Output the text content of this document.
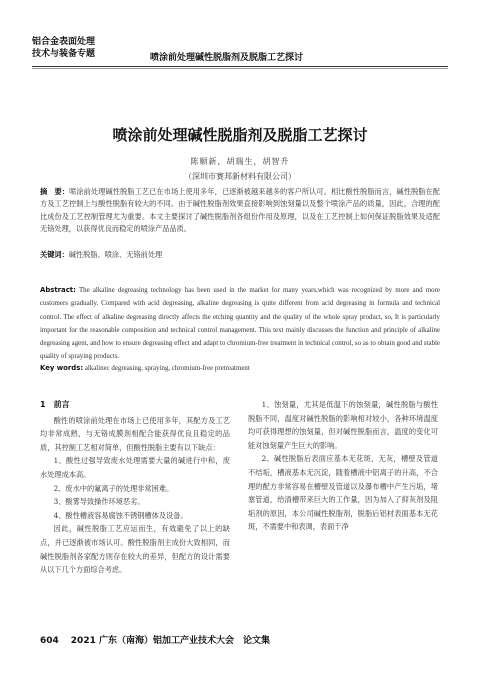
铝合金表面处理
技术与装备专题	喷涂前处理碱性脱脂剂及脱脂工艺探讨
喷涂前处理碱性脱脂剂及脱脂工艺探讨
陈顺新，胡瑞生，胡智升
（深圳市赛邦新材料有限公司）
摘　要：喷涂前处理碱性脱脂工艺已在市场上使用多年，已逐渐被越来越多的客户所认可。相比酸性脱脂而言，碱性脱脂在配方及工艺控制上与酸性脱脂有较大的不同。由于碱性脱脂剂效果直接影响到蚀刻量以及整个喷涂产品的质量，因此，合理的配比成份及工艺控制管理尤为重要。本文主要探讨了碱性脱脂剂各组份作用及原理，以及在工艺控制上如何保证脱脂效果及适配无铬处理，以获得优良而稳定的喷涂产品品质。
关键词：碱性脱脂、喷涂、无铬前处理
Abstract: The alkaline degreasing technology has been used in the market for many years,which was recognized by more and more customers gradually. Compared with acid degreasing, alkaline degreasing is quite different from acid degreasing in formula and technical control. The effect of alkaline degreasing directly affects the etching quantity and the quality of the whole spray product, so, It is particularly important for the reasonable composition and technical control management. This text mainly discusses the function and principle of alkaline degreasing agent, and how to ensure degreasing effect and adapt to chromium-free treatment in technical control, so as to obtain good and stable quality of spraying products.
Key words: alkalinec degreasing, spraying, chromium-free pretreatment

1　前言

酸性的喷涂前处理在市场上已使用多年，其配方及工艺均非常成熟，与无铬成膜剂相配合能获得优良且稳定的品质，其控制工艺相对简单，但酸性脱脂主要有以下缺点：

1、酸性过强导致废水处理需要大量的碱进行中和，废水处理成本高。

2、废水中的氟离子的处理非常困难。

3、酸雾导致操作环境恶劣。

4、酸性槽液容易腐蚀不锈钢槽体及设备。

因此，碱性脱脂工艺应运而生，有效避免了以上的缺点，并已逐渐被市场认可。酸性脱脂剂主成份大致相同，而碱性脱脂剂各家配方则存在较大的差异，但配方的设计需要从以下几个方面综合考虑。

1、蚀刻量，尤其是低温下的蚀刻量，碱性脱脂与酸性脱脂不同，温度对碱性脱脂的影响相对较小，各种环境温度均可获得理想的蚀刻量，但对碱性脱脂而言，温度的变化可能对蚀刻量产生巨大的影响。

2、碱性脱脂后表面应基本无花斑，无灰，槽壁及管道不结垢，槽液基本无沉淀，随着槽液中铝离子的升高，不合理的配方非常容易在槽壁及管道以及瀑布槽中产生污垢，堵塞管道，给清槽带来巨大的工作量，因为加入了抑灰剂及阻垢剂的原因，本公司碱性脱脂剂，脱脂后铝材表面基本无花斑，不需要中和表调，表面干净

604 2021 广东（南海）铝加工产业技术大会　论文集
